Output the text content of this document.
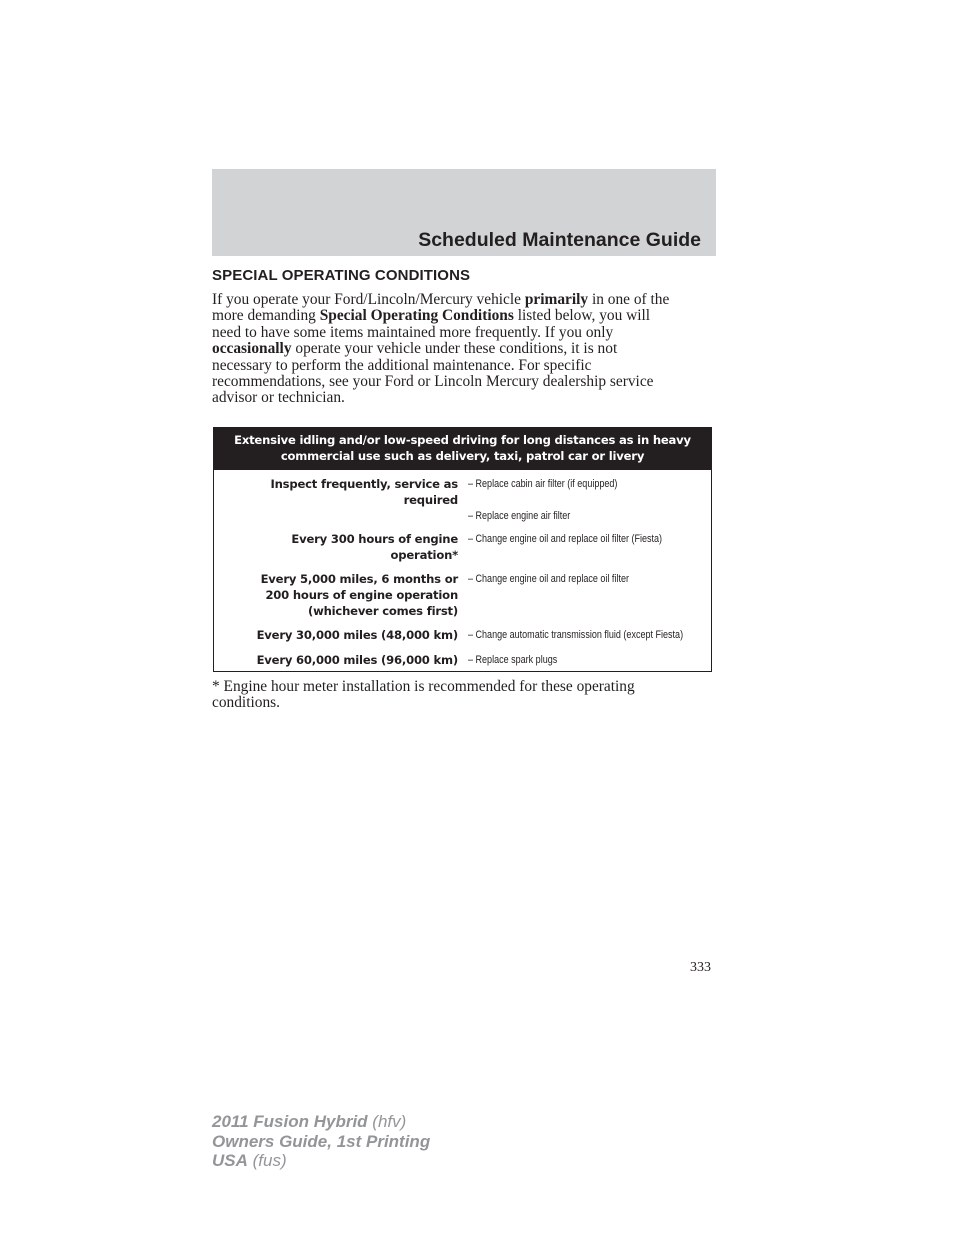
Scheduled Maintenance Guide
SPECIAL OPERATING CONDITIONS

If you operate your Ford/Lincoln/Mercury vehicle primarily in one of the
more demanding Special Operating Conditions listed below, you will
need to have some items maintained more frequently. If you only
occasionally operate your vehicle under these conditions, it is not
necessary to perform the additional maintenance. For specific
recommendations, see your Ford or Lincoln Mercury dealership service
advisor or technician.

Extensive idling and/or low-speed driving for long distances as in heavy
commercial use such as delivery, taxi, patrol car or livery
Inspect frequently, service as
required
– Replace cabin air filter (if equipped)

– Replace engine air filter
Every 300 hours of engine
operation*
– Change engine oil and replace oil filter (Fiesta)
Every 5,000 miles, 6 months or
200 hours of engine operation
(whichever comes first)
– Change engine oil and replace oil filter
Every 30,000 miles (48,000 km) – Change automatic transmission fluid (except Fiesta)
Every 60,000 miles (96,000 km) – Replace spark plugs

* Engine hour meter installation is recommended for these operating
conditions.

333
2011 Fusion Hybrid (hfv)
Owners Guide, 1st Printing
USA (fus)
